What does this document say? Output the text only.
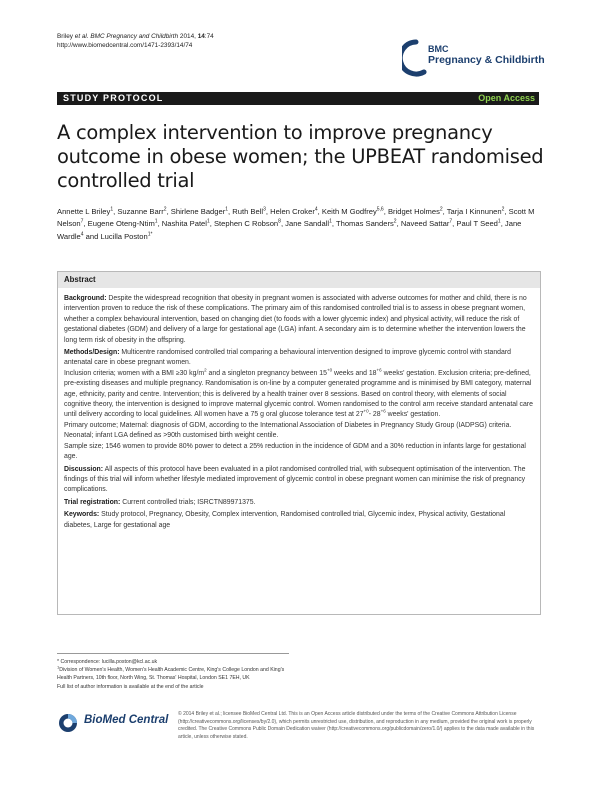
Briley et al. BMC Pregnancy and Childbirth 2014, 14:74
http://www.biomedcentral.com/1471-2393/14/74	BMC
Pregnancy & Childbirth
STUDY PROTOCOL	Open Access
A complex intervention to improve pregnancy outcome in obese women; the UPBEAT randomised controlled trial
Annette L Briley$^1$, Suzanne Barr$^2$, Shirlene Badger$^1$, Ruth Bell$^3$, Helen Croker$^4$, Keith M Godfrey$^{5,6}$, Bridget Holmes$^2$, Tarja I Kinnunen$^2$, Scott M Nelson$^7$, Eugene Oteng-Ntim$^1$, Nashita Patel$^1$, Stephen C Robson$^8$, Jane Sandall$^1$, Thomas Sanders$^2$, Naveed Sattar$^7$, Paul T Seed$^1$, Jane Wardle$^4$ and Lucilla Poston$^{1*}$
Abstract

Background: Despite the widespread recognition that obesity in pregnant women is associated with adverse outcomes for mother and child, there is no intervention proven to reduce the risk of these complications. The primary aim of this randomised controlled trial is to assess in obese pregnant women, whether a complex behavioural intervention, based on changing diet (to foods with a lower glycemic index) and physical activity, will reduce the risk of gestational diabetes (GDM) and delivery of a large for gestational age (LGA) infant. A secondary aim is to determine whether the intervention lowers the long term risk of obesity in the offspring.

Methods/Design: Multicentre randomised controlled trial comparing a behavioural intervention designed to improve glycemic control with standard antenatal care in obese pregnant women.

Inclusion criteria; women with a BMI ≥30 $kg/m^2$ and a singleton pregnancy between $15^{+0}$ weeks and $18^{+6}$ weeks' gestation. Exclusion criteria; pre-defined, pre-existing diseases and multiple pregnancy. Randomisation is on-line by a computer generated programme and is minimised by BMI category, maternal age, ethnicity, parity and centre. Intervention; this is delivered by a health trainer over 8 sessions. Based on control theory, with elements of social cognitive theory, the intervention is designed to improve maternal glycemic control. Women randomised to the control arm receive standard antenatal care until delivery according to local guidelines. All women have a 75 g oral glucose tolerance test at $27^{+0}-$ $28^{+6}$ weeks' gestation.

Primary outcome; Maternal: diagnosis of GDM, according to the International Association of Diabetes in Pregnancy Study Group (IADPSG) criteria. Neonatal; infant LGA defined as >90th customised birth weight centile.

Sample size; 1546 women to provide 80% power to detect a 25% reduction in the incidence of GDM and a 30% reduction in infants large for gestational age.

Discussion: All aspects of this protocol have been evaluated in a pilot randomised controlled trial, with subsequent optimisation of the intervention. The findings of this trial will inform whether lifestyle mediated improvement of glycemic control in obese pregnant women can minimise the risk of pregnancy complications.

Trial registration: Current controlled trials; ISRCTN89971375.

Keywords: Study protocol, Pregnancy, Obesity, Complex intervention, Randomised controlled trial, Glycemic index, Physical activity, Gestational diabetes, Large for gestational age

* Correspondence: lucilla.poston@kcl.ac.uk
$^1$Division of Women's Health, Women's Health Academic Centre, King's College London and King's Health Partners, 10th floor, North Wing, St. Thomas' Hospital, London SE1 7EH, UK
Full list of author information is available at the end of the article
BioMed Central © 2014 Briley et al.; licensee BioMed Central Ltd. This is an Open Access article distributed under the terms of the Creative Commons Attribution License (http://creativecommons.org/licenses/by/2.0), which permits unrestricted use, distribution, and reproduction in any medium, provided the original work is properly credited. The Creative Commons Public Domain Dedication waiver (http://creativecommons.org/publicdomain/zero/1.0/) applies to the data made available in this article, unless otherwise stated.
